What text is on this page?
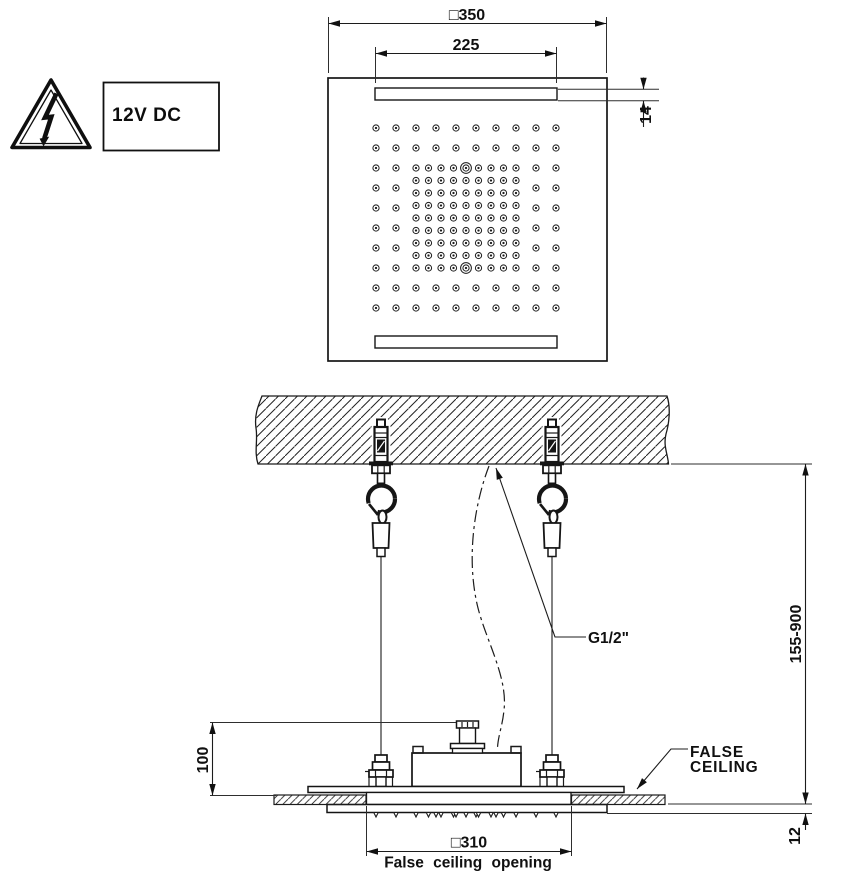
12V DC
□350
225
14
G1/2"
FALSE
CEILING
100
155-900
12
□310
False ceiling opening
